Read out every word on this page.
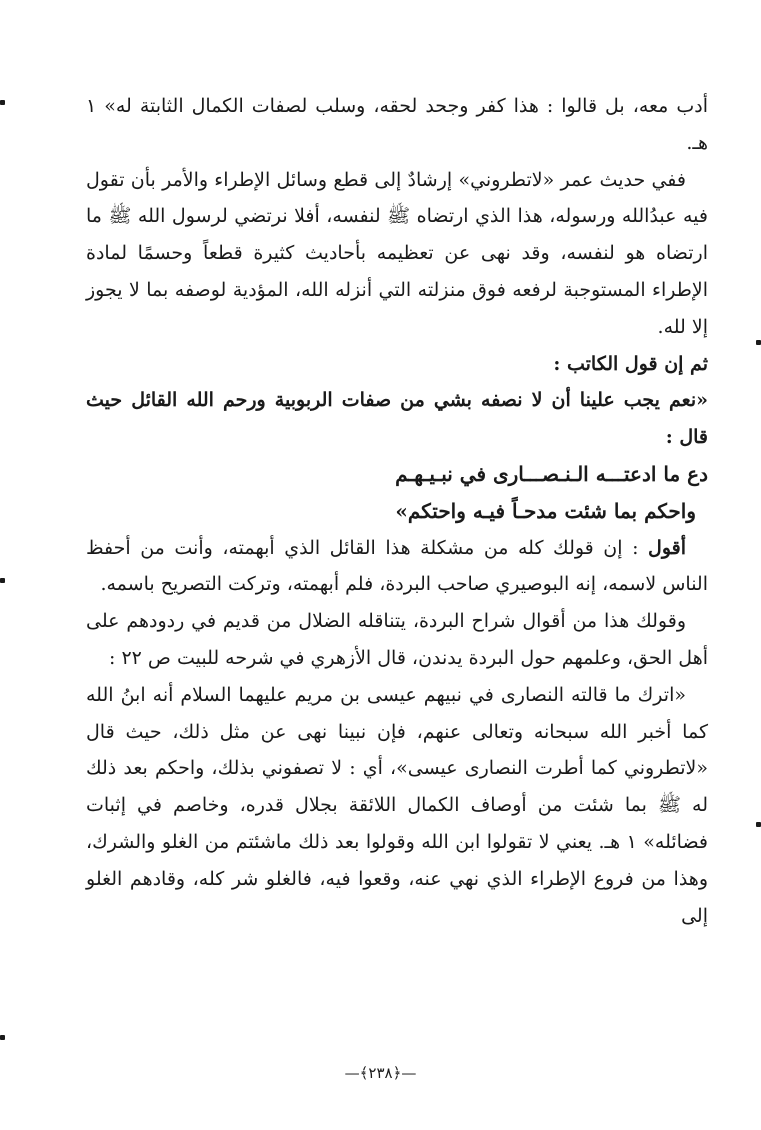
أدب معه، بل قالوا : هذا كفر وجحد لحقه، وسلب لصفات الكمال الثابتة له» ١ هـ.

ففي حديث عمر «لاتطروني» إرشادٌ إلى قطع وسائل الإطراء والأمر بأن تقول فيه عبدُالله ورسوله، هذا الذي ارتضاه ﷺ لنفسه، أفلا نرتضي لرسول الله ﷺ ما ارتضاه هو لنفسه، وقد نهى عن تعظيمه بأحاديث كثيرة قطعاً وحسمًا لمادة الإطراء المستوجبة لرفعه فوق منزلته التي أنزله الله، المؤدية لوصفه بما لا يجوز إلا لله.

ثم إن قول الكاتب :

«نعم يجب علينا أن لا نصفه بشي من صفات الربوبية ورحم الله القائل حيث قال :

دع ما ادعتـــه الـنـصـــارى في نبـيـهـم

واحكم بما شئت مدحـاً فيـه واحتكم»

أقول : إن قولك كله من مشكلة هذا القائل الذي أبهمته، وأنت من أحفظ الناس لاسمه، إنه البوصيري صاحب البردة، فلم أبهمته، وتركت التصريح باسمه.

وقولك هذا من أقوال شراح البردة، يتناقله الضلال من قديم في ردودهم على أهل الحق، وعلمهم حول البردة يدندن، قال الأزهري في شرحه للبيت ص ٢٢ :

«اترك ما قالته النصارى في نبيهم عيسى بن مريم عليهما السلام أنه ابنُ الله كما أخبر الله سبحانه وتعالى عنهم، فإن نبينا نهى عن مثل ذلك، حيث قال «لاتطروني كما أطرت النصارى عيسى»، أي : لا تصفوني بذلك، واحكم بعد ذلك له ﷺ بما شئت من أوصاف الكمال اللائقة بجلال قدره، وخاصم في إثبات فضائله» ١ هـ. يعني لا تقولوا ابن الله وقولوا بعد ذلك ماشئتم من الغلو والشرك، وهذا من فروع الإطراء الذي نهي عنه، وقعوا فيه، فالغلو شر كله، وقادهم الغلو إلى

—﴿٢٣٨﴾—
